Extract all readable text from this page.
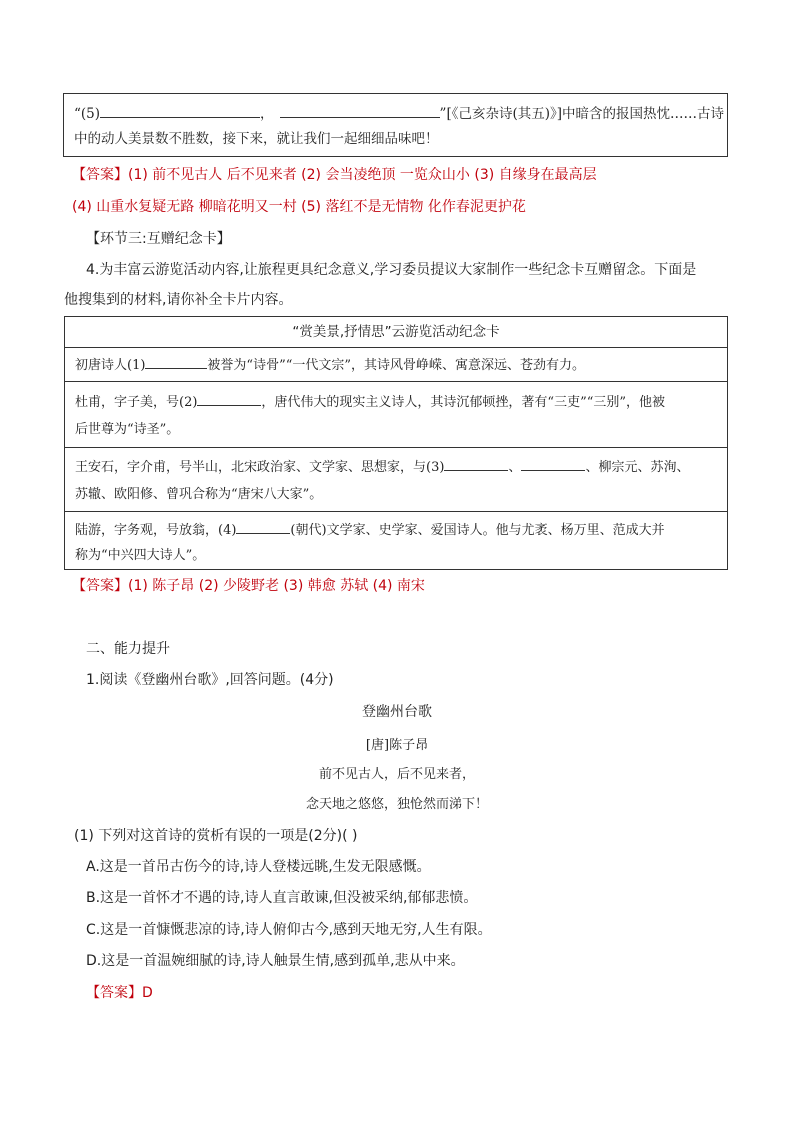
“(5)	，	”[《己亥杂诗(其五)》]中暗含的报国热忱……古诗
中的动人美景数不胜数，接下来，就让我们一起细细品味吧！
【答案】(1) 前不见古人 后不见来者 (2) 会当凌绝顶 一览众山小 (3) 自缘身在最高层
(4) 山重水复疑无路 柳暗花明又一村 (5) 落红不是无情物 化作春泥更护花
【环节三:互赠纪念卡】
4.为丰富云游览活动内容,让旅程更具纪念意义,学习委员提议大家制作一些纪念卡互赠留念。下面是
他搜集到的材料,请你补全卡片内容。
“赏美景,抒情思”云游览活动纪念卡
初唐诗人(1)	被誉为“诗骨”“一代文宗”，其诗风骨峥嵘、寓意深远、苍劲有力。
杜甫，字子美，号(2)	，唐代伟大的现实主义诗人，其诗沉郁顿挫，著有“三吏”“三别”，他被
后世尊为“诗圣”。
王安石，字介甫，号半山，北宋政治家、文学家、思想家，与(3)	、	、柳宗元、苏洵、
苏辙、欧阳修、曾巩合称为“唐宋八大家”。
陆游，字务观，号放翁，(4)	(朝代)文学家、史学家、爱国诗人。他与尤袤、杨万里、范成大并
称为“中兴四大诗人”。
【答案】(1) 陈子昂 (2) 少陵野老 (3) 韩愈 苏轼 (4) 南宋
二、能力提升
1.阅读《登幽州台歌》,回答问题。(4分)
登幽州台歌
[唐]陈子昂
前不见古人，后不见来者，
念天地之悠悠，独怆然而涕下！
(1) 下列对这首诗的赏析有误的一项是(2分)( )
A.这是一首吊古伤今的诗,诗人登楼远眺,生发无限感慨。
B.这是一首怀才不遇的诗,诗人直言敢谏,但没被采纳,郁郁悲愤。
C.这是一首慷慨悲凉的诗,诗人俯仰古今,感到天地无穷,人生有限。
D.这是一首温婉细腻的诗,诗人触景生情,感到孤单,悲从中来。
【答案】D
